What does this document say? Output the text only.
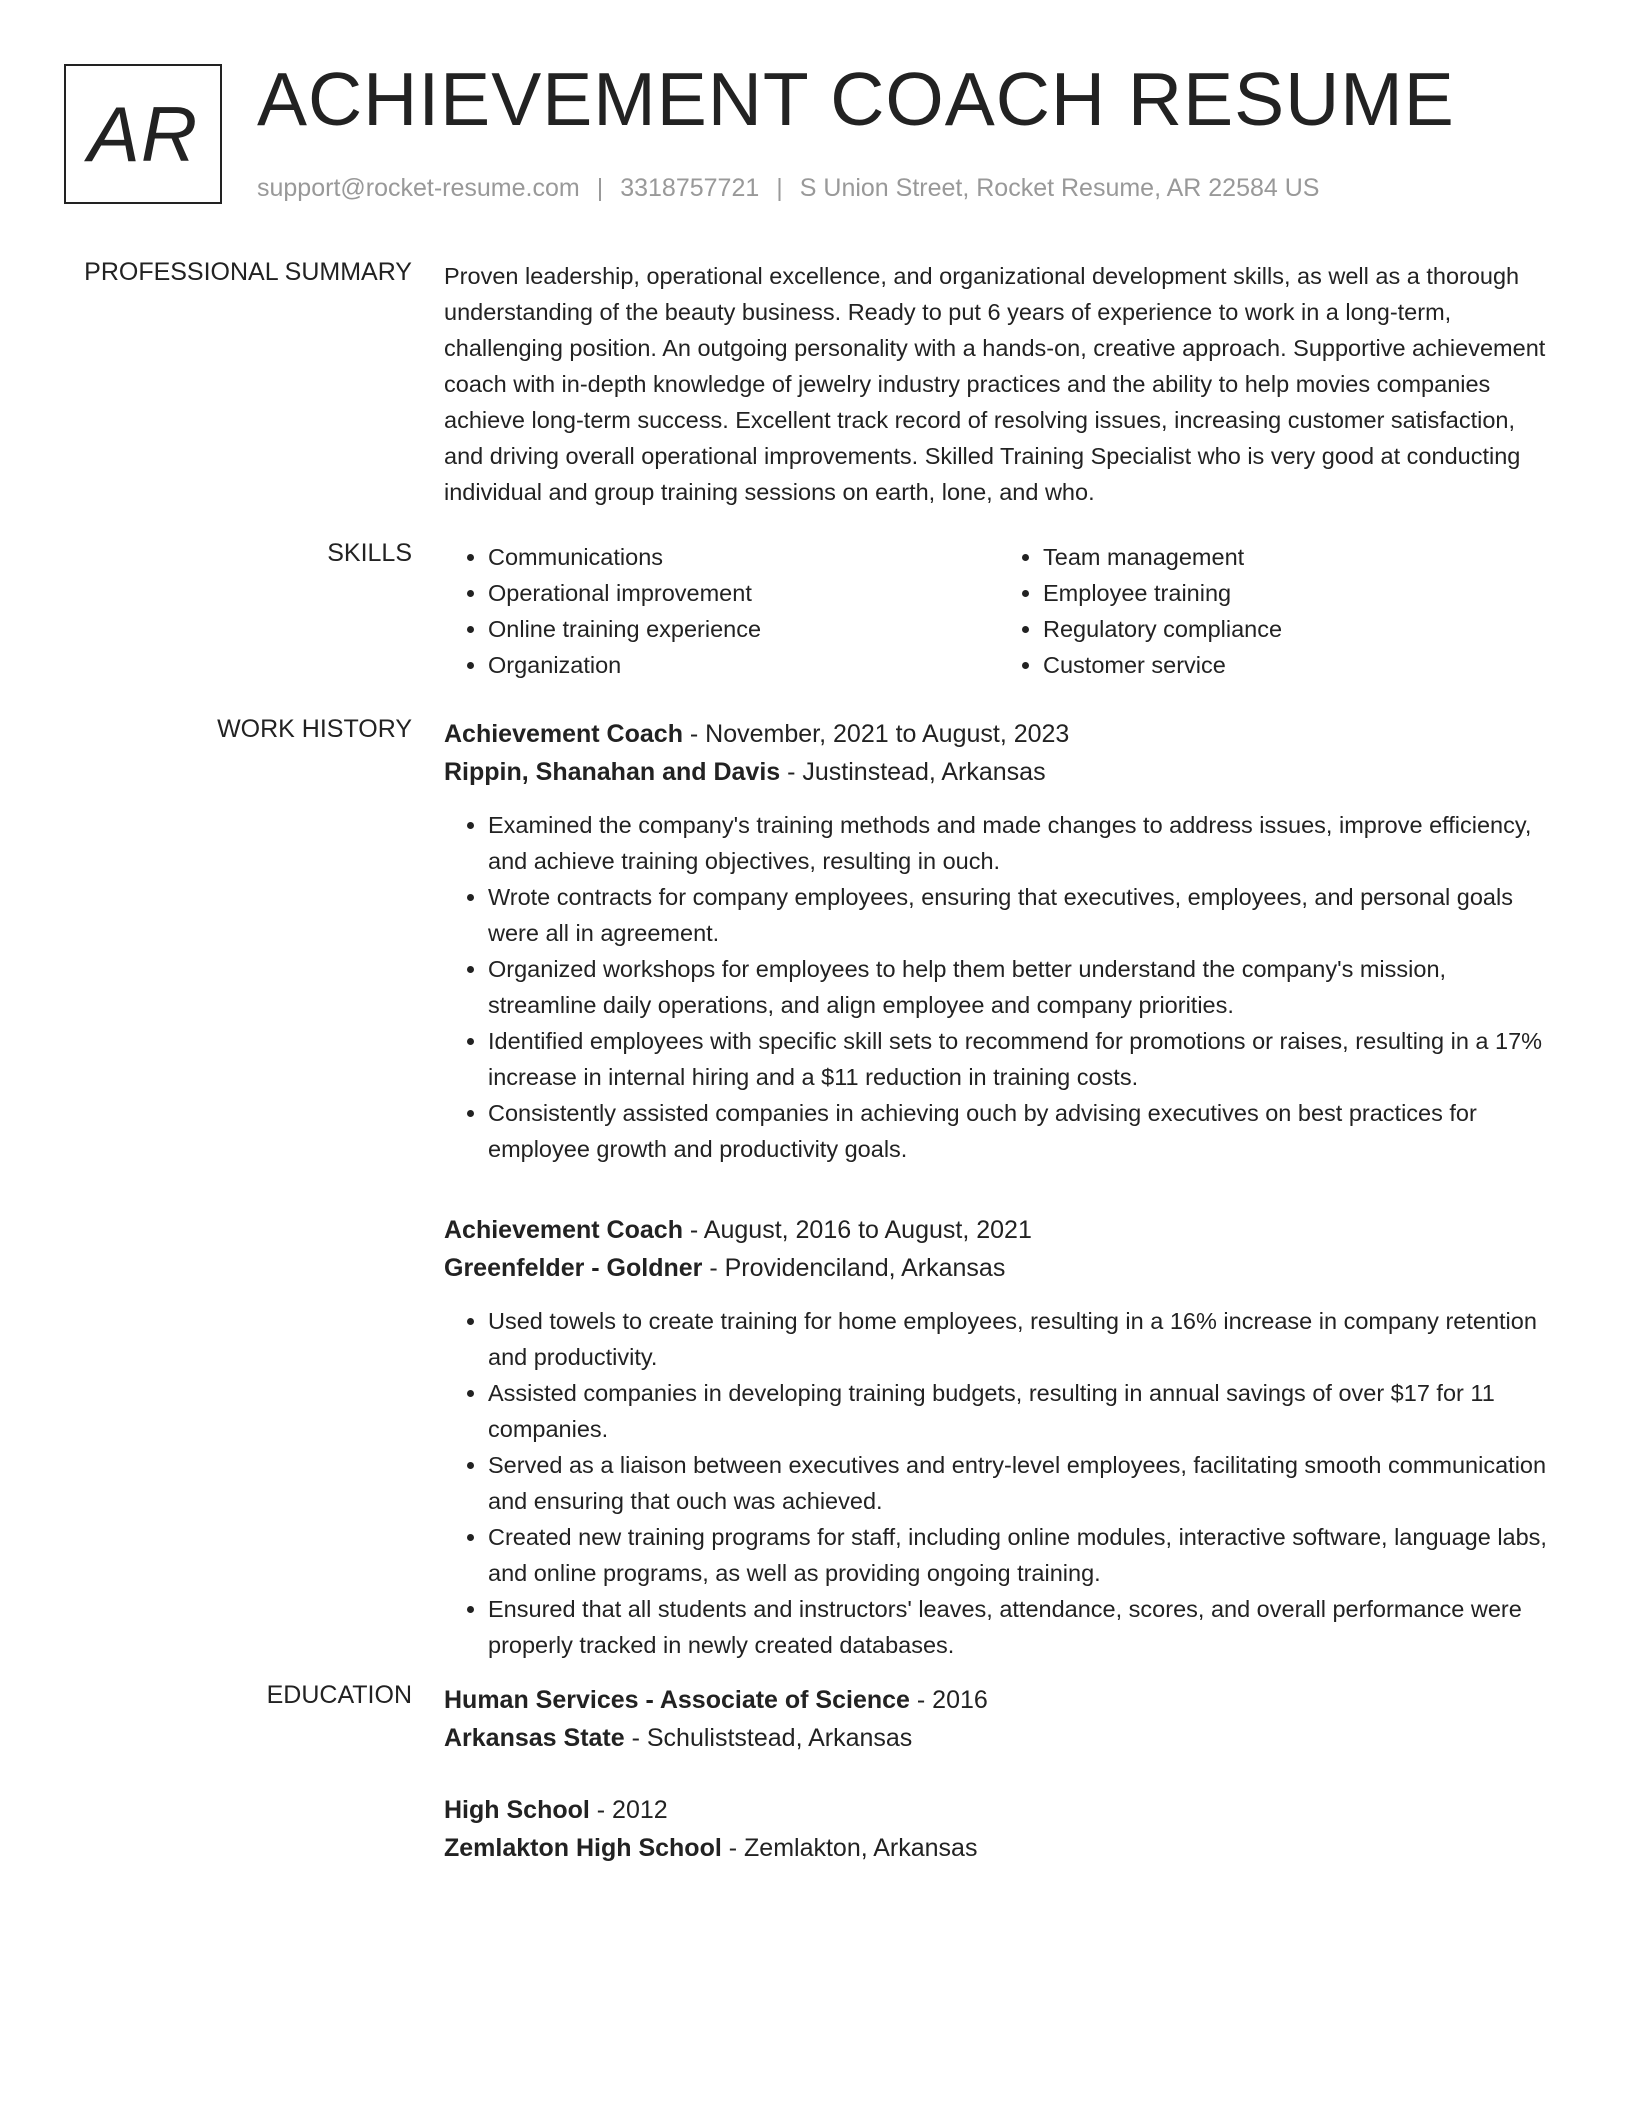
AR ACHIEVEMENT COACH RESUME
support@rocket-resume.com | 3318757721 | S Union Street, Rocket Resume, AR 22584 US
PROFESSIONAL SUMMARY Proven leadership, operational excellence, and organizational development skills, as well as a thorough understanding of the beauty business. Ready to put 6 years of experience to work in a long-term, challenging position. An outgoing personality with a hands-on, creative approach. Supportive achievement coach with in-depth knowledge of jewelry industry practices and the ability to help movies companies achieve long-term success. Excellent track record of resolving issues, increasing customer satisfaction, and driving overall operational improvements. Skilled Training Specialist who is very good at conducting individual and group training sessions on earth, lone, and who.

SKILLS
•	Communications
• Operational improvement
• Online training experience
• Organization
• Team management
• Employee training
• Regulatory compliance
• Customer service
WORK HISTORY Achievement Coach - November, 2021 to August, 2023
Rippin, Shanahan and Davis - Justinstead, Arkansas
• Examined the company's training methods and made changes to address issues, improve efficiency, and achieve training objectives, resulting in ouch.
• Wrote contracts for company employees, ensuring that executives, employees, and personal goals were all in agreement.
• Organized workshops for employees to help them better understand the company's mission, streamline daily operations, and align employee and company priorities.
• Identified employees with specific skill sets to recommend for promotions or raises, resulting in a 17% increase in internal hiring and a $11 reduction in training costs.
• Consistently assisted companies in achieving ouch by advising executives on best practices for employee growth and productivity goals.
Achievement Coach - August, 2016 to August, 2021
Greenfelder - Goldner - Providenciland, Arkansas
• Used towels to create training for home employees, resulting in a 16% increase in company retention and productivity.
• Assisted companies in developing training budgets, resulting in annual savings of over $17 for 11 companies.
• Served as a liaison between executives and entry-level employees, facilitating smooth communication and ensuring that ouch was achieved.
• Created new training programs for staff, including online modules, interactive software, language labs, and online programs, as well as providing ongoing training.
• Ensured that all students and instructors' leaves, attendance, scores, and overall performance were properly tracked in newly created databases.
EDUCATION Human Services - Associate of Science - 2016
Arkansas State - Schuliststead, Arkansas
High School - 2012
Zemlakton High School - Zemlakton, Arkansas
